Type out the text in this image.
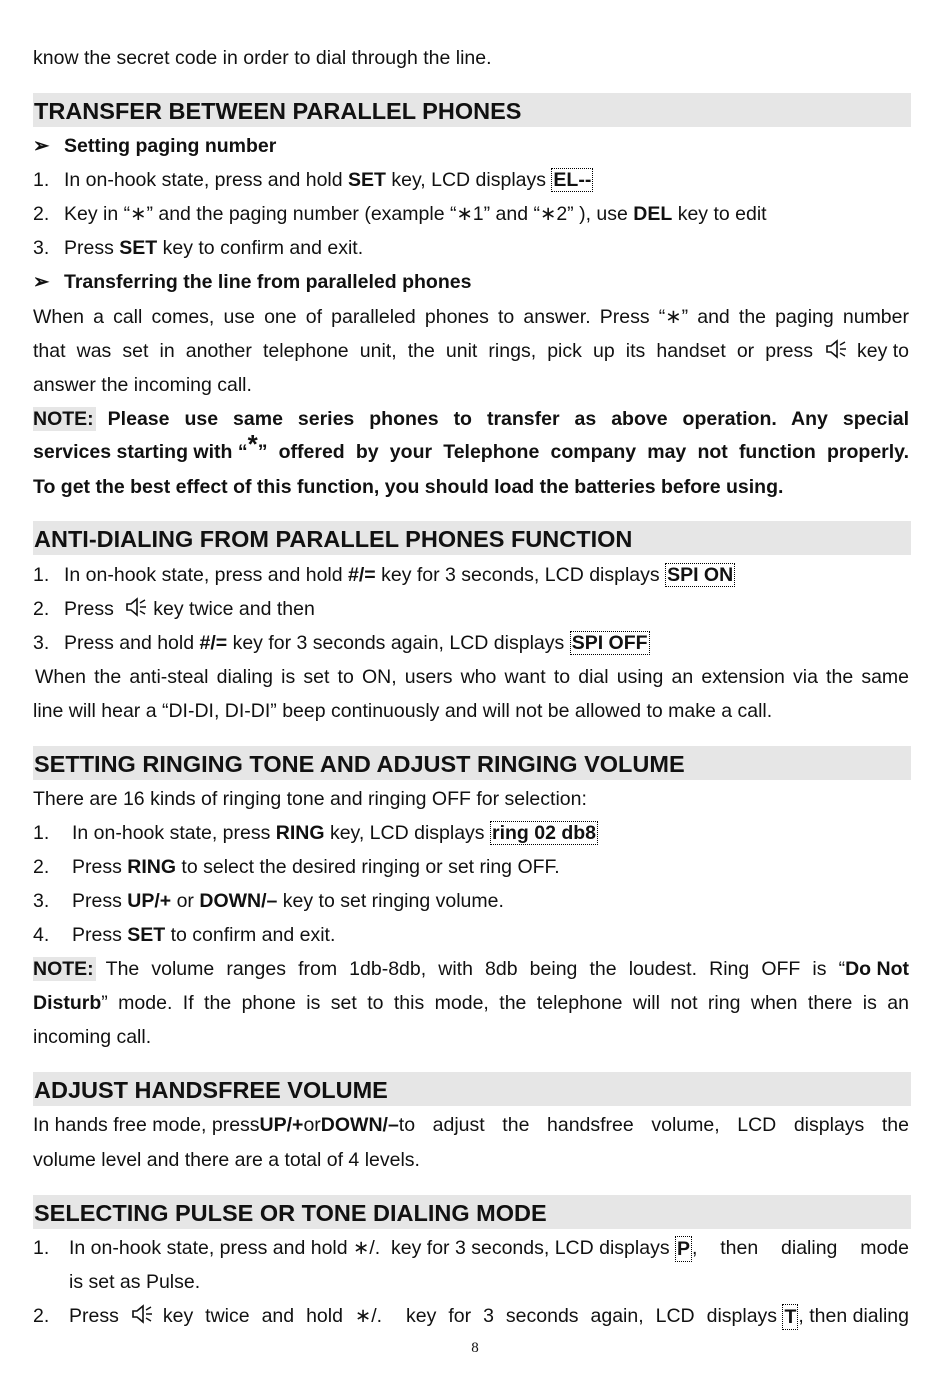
know the secret code in order to dial through the line.
TRANSFER BETWEEN PARALLEL PHONES
➢ Setting paging number
1. In on-hook state, press and hold SET key, LCD displays EL--
2. Key in “∗” and the paging number (example “∗1” and “∗2” ), use DEL key to edit
3. Press SET key to confirm and exit.
➢ Transferring the line from paralleled phones
When a call comes, use one of paralleled phones to answer. Press “∗” and the paging number
that was set in another telephone unit, the unit rings, pick up its handset or press	key to
answer the incoming call.
NOTE: Please use same series phones to transfer as above operation. Any special
services starting with “ * ” offered by your Telephone company may not function properly.
To get the best effect of this function, you should load the batteries before using.
ANTI-DIALING FROM PARALLEL PHONES FUNCTION
1. In on-hook state, press and hold #/= key for 3 seconds, LCD displays SPI ON
2. Press key twice and then
3. Press and hold #/= key for 3 seconds again, LCD displays SPI OFF
When the anti-steal dialing is set to ON, users who want to dial using an extension via the same
line will hear a “DI-DI, DI-DI” beep continuously and will not be allowed to make a call.
SETTING RINGING TONE AND ADJUST RINGING VOLUME
There are 16 kinds of ringing tone and ringing OFF for selection:
1. In on-hook state, press RING key, LCD displays ring 02 db8
2. Press RING to select the desired ringing or set ring OFF.
3. Press UP/+ or DOWN/– key to set ringing volume.
4. Press SET to confirm and exit.
NOTE: The volume ranges from 1db-8db, with 8db being the loudest. Ring OFF is “ Do Not
Disturb ” mode. If the phone is set to this mode, the telephone will not ring when there is an
incoming call.
ADJUST HANDSFREE VOLUME
In hands free mode, press UP/+ or DOWN/– to adjust the handsfree volume, LCD displays the
volume level and there are a total of 4 levels.
SELECTING PULSE OR TONE DIALING MODE
1.	In on-hook state, press and hold ∗/.  key for 3 seconds, LCD displays P , then dialing mode
is set as Pulse.
2.	Press key twice and hold ∗/.  key for 3 seconds again, LCD displays T , then dialing
8
